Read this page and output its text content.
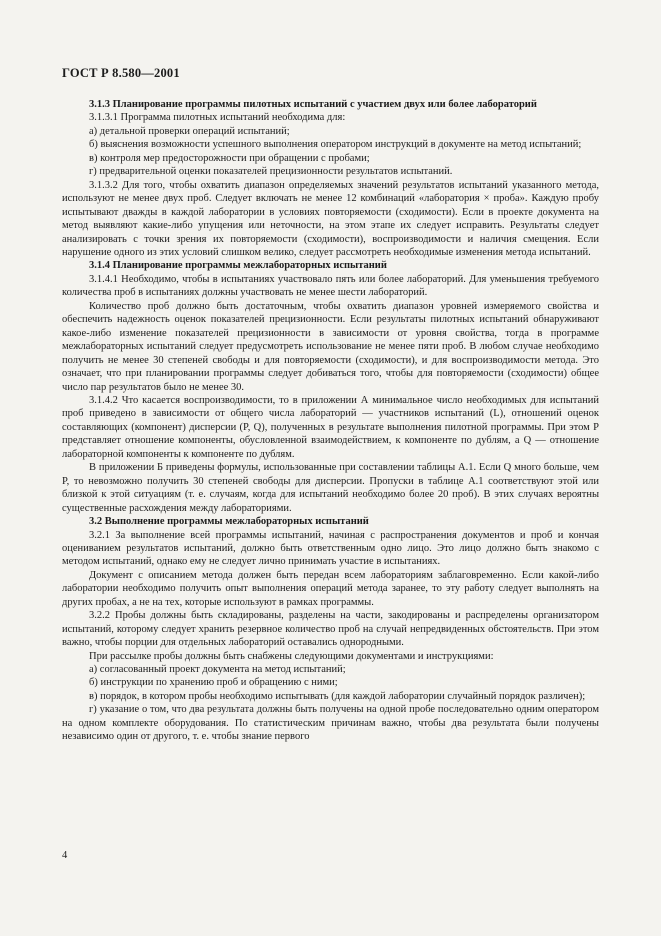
ГОСТ Р 8.580—2001

3.1.3 Планирование программы пилотных испытаний с участием двух или более лабораторий

3.1.3.1 Программа пилотных испытаний необходима для:

а) детальной проверки операций испытаний;

б) выяснения возможности успешного выполнения оператором инструкций в документе на метод испытаний;

в) контроля мер предосторожности при обращении с пробами;

г) предварительной оценки показателей прецизионности результатов испытаний.

3.1.3.2 Для того, чтобы охватить диапазон определяемых значений результатов испытаний указанного метода, используют не менее двух проб. Следует включать не менее 12 комбинаций «лаборатория × проба». Каждую пробу испытывают дважды в каждой лаборатории в условиях повторяемости (сходимости). Если в проекте документа на метод выявляют какие-либо упущения или неточности, на этом этапе их следует исправить. Результаты следует анализировать с точки зрения их повторяемости (сходимости), воспроизводимости и наличия смещения. Если нарушение одного из этих условий слишком велико, следует рассмотреть необходимые изменения метода испытаний.

3.1.4 Планирование программы межлабораторных испытаний

3.1.4.1 Необходимо, чтобы в испытаниях участвовало пять или более лабораторий. Для уменьшения требуемого количества проб в испытаниях должны участвовать не менее шести лабораторий.

Количество проб должно быть достаточным, чтобы охватить диапазон уровней измеряемого свойства и обеспечить надежность оценок показателей прецизионности. Если результаты пилотных испытаний обнаруживают какое-либо изменение показателей прецизионности в зависимости от уровня свойства, тогда в программе межлабораторных испытаний следует предусмотреть использование не менее пяти проб. В любом случае необходимо получить не менее 30 степеней свободы и для повторяемости (сходимости), и для воспроизводимости метода. Это означает, что при планировании программы следует добиваться того, чтобы для повторяемости (сходимости) общее число пар результатов было не менее 30.

3.1.4.2 Что касается воспроизводимости, то в приложении А минимальное число необходимых для испытаний проб приведено в зависимости от общего числа лабораторий — участников испытаний (L), отношений оценок составляющих (компонент) дисперсии (P, Q), полученных в результате выполнения пилотной программы. При этом P представляет отношение компоненты, обусловленной взаимодействием, к компоненте по дублям, а Q — отношение лабораторной компоненты к компоненте по дублям.

В приложении Б приведены формулы, использованные при составлении таблицы А.1. Если Q много больше, чем P, то невозможно получить 30 степеней свободы для дисперсии. Пропуски в таблице А.1 соответствуют этой или близкой к этой ситуациям (т. е. случаям, когда для испытаний необходимо более 20 проб). В этих случаях вероятны существенные расхождения между лабораториями.

3.2 Выполнение программы межлабораторных испытаний

3.2.1 За выполнение всей программы испытаний, начиная с распространения документов и проб и кончая оцениванием результатов испытаний, должно быть ответственным одно лицо. Это лицо должно быть знакомо с методом испытаний, однако ему не следует лично принимать участие в испытаниях.

Документ с описанием метода должен быть передан всем лабораториям заблаговременно. Если какой-либо лаборатории необходимо получить опыт выполнения операций метода заранее, то эту работу следует выполнять на других пробах, а не на тех, которые используют в рамках программы.

3.2.2 Пробы должны быть складированы, разделены на части, закодированы и распределены организатором испытаний, которому следует хранить резервное количество проб на случай непредвиденных обстоятельств. При этом важно, чтобы порции для отдельных лабораторий оставались однородными.

При рассылке пробы должны быть снабжены следующими документами и инструкциями:

а) согласованный проект документа на метод испытаний;

б) инструкции по хранению проб и обращению с ними;

в) порядок, в котором пробы необходимо испытывать (для каждой лаборатории случайный порядок различен);

г) указание о том, что два результата должны быть получены на одной пробе последовательно одним оператором на одном комплекте оборудования. По статистическим причинам важно, чтобы два результата были получены независимо один от другого, т. е. чтобы знание первого

4
